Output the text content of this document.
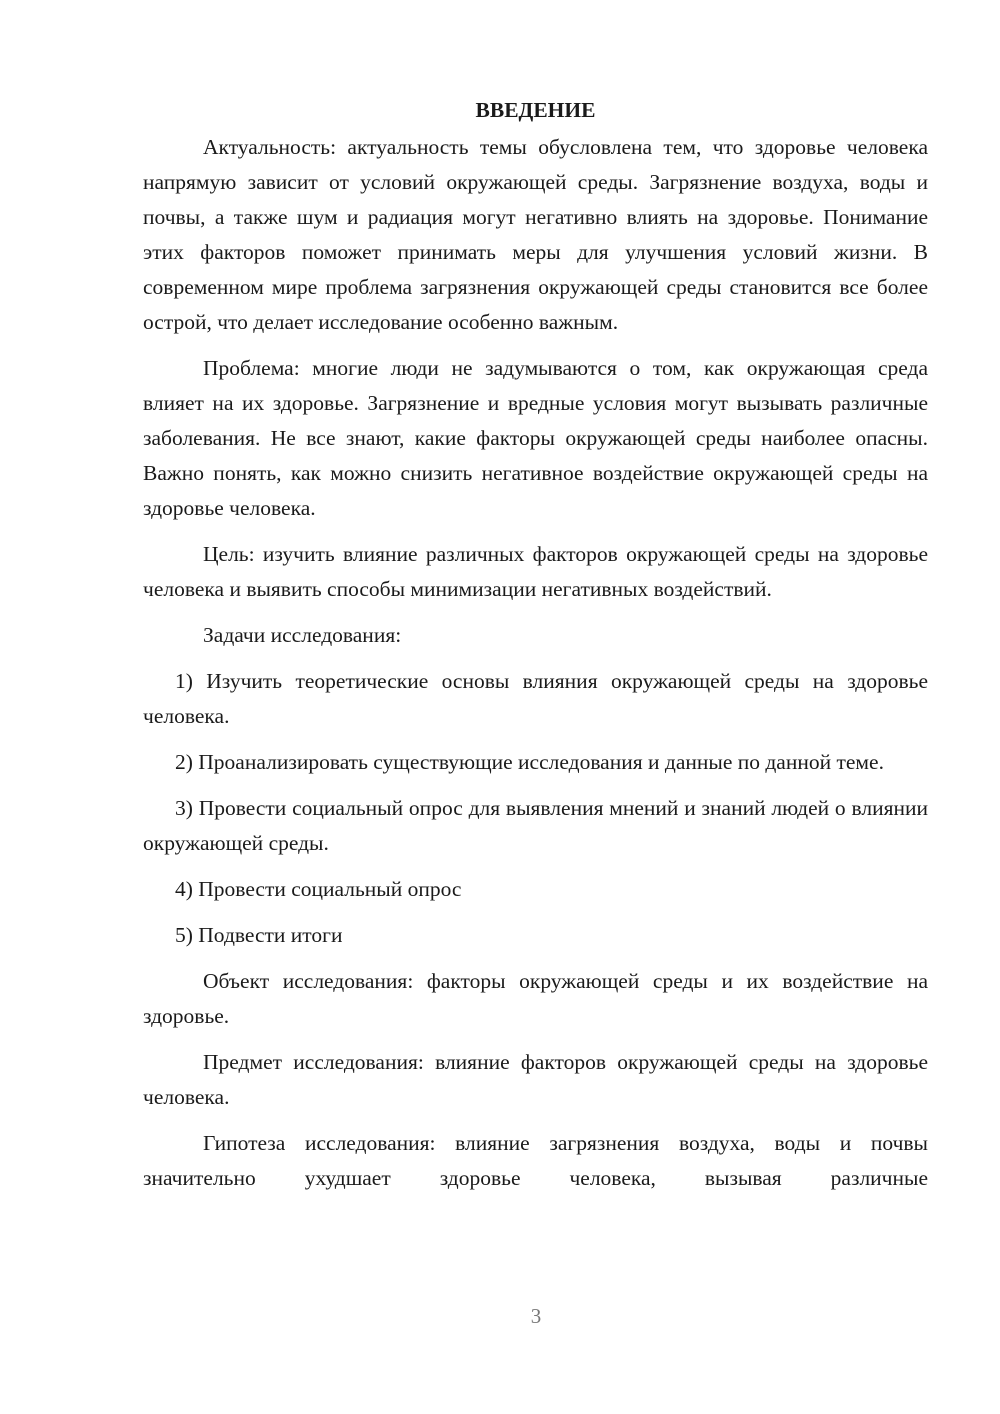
ВВЕДЕНИЕ

Актуальность: актуальность темы обусловлена тем, что здоровье человека напрямую зависит от условий окружающей среды. Загрязнение воздуха, воды и почвы, а также шум и радиация могут негативно влиять на здоровье. Понимание этих факторов поможет принимать меры для улучшения условий жизни. В современном мире проблема загрязнения окружающей среды становится все более острой, что делает исследование особенно важным.

Проблема: многие люди не задумываются о том, как окружающая среда влияет на их здоровье. Загрязнение и вредные условия могут вызывать различные заболевания. Не все знают, какие факторы окружающей среды наиболее опасны. Важно понять, как можно снизить негативное воздействие окружающей среды на здоровье человека.

Цель: изучить влияние различных факторов окружающей среды на здоровье человека и выявить способы минимизации негативных воздействий.

Задачи исследования:

1) Изучить теоретические основы влияния окружающей среды на здоровье человека.

2) Проанализировать существующие исследования и данные по данной теме.

3) Провести социальный опрос для выявления мнений и знаний людей о влиянии окружающей среды.

4) Провести социальный опрос

5) Подвести итоги

Объект исследования: факторы окружающей среды и их воздействие на здоровье.

Предмет исследования: влияние факторов окружающей среды на здоровье человека.

Гипотеза исследования: влияние загрязнения воздуха, воды и почвы значительно ухудшает здоровье человека, вызывая различные

3
